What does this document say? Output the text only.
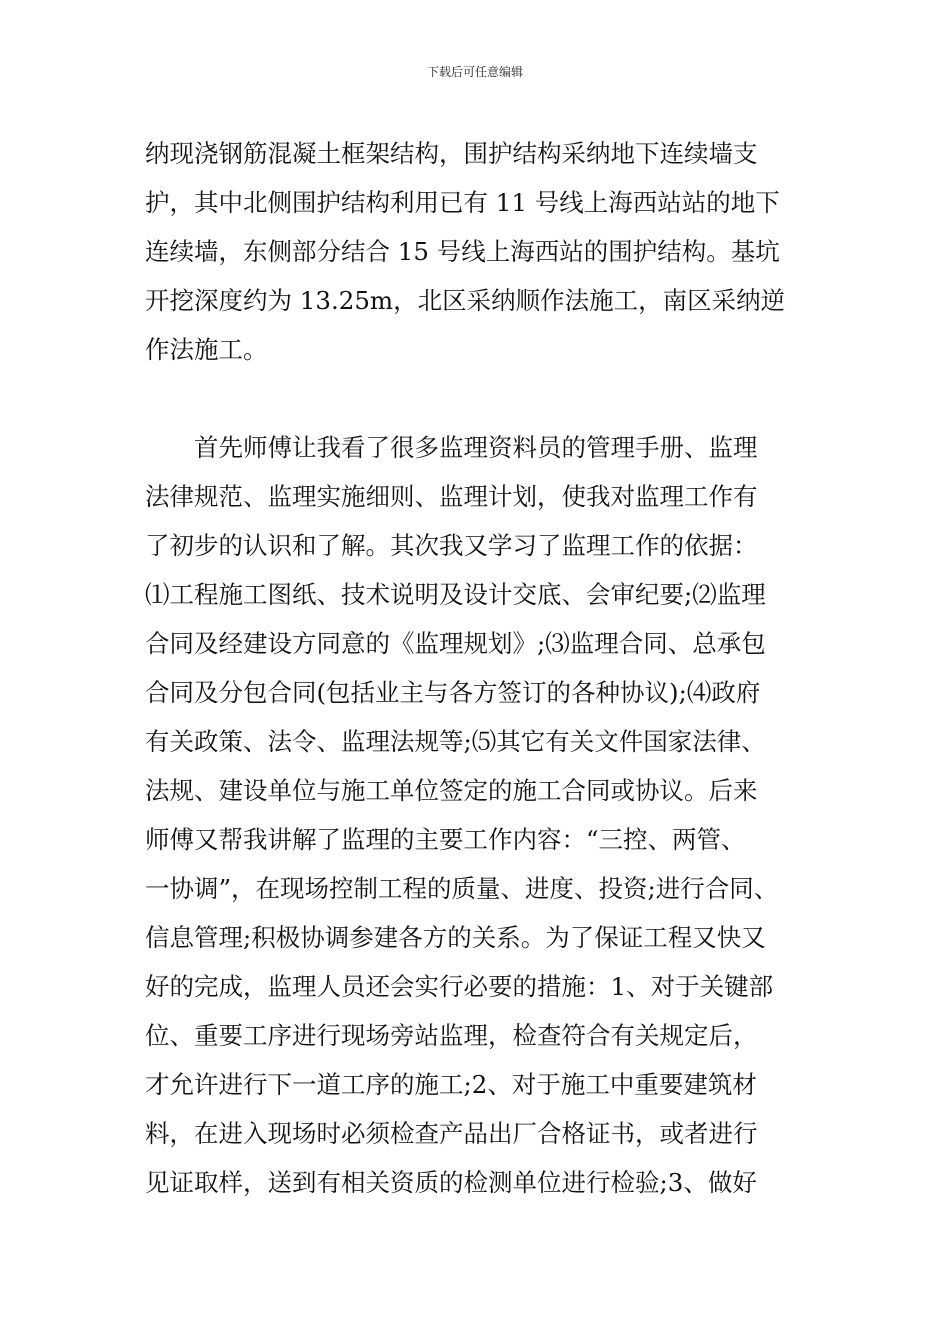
下载后可任意编辑
纳现浇钢筋混凝土框架结构，围护结构采纳地下连续墙支
护，其中北侧围护结构利用已有 11 号线上海西站站的地下
连续墙，东侧部分结合 15 号线上海西站的围护结构。基坑
开挖深度约为 13.25m，北区采纳顺作法施工，南区采纳逆
作法施工。
　　首先师傅让我看了很多监理资料员的管理手册、监理
法律规范、监理实施细则、监理计划，使我对监理工作有
了初步的认识和了解。其次我又学习了监理工作的依据：
⑴工程施工图纸、技术说明及设计交底、会审纪要;⑵监理
合同及经建设方同意的《监理规划》;⑶监理合同、总承包
合同及分包合同(包括业主与各方签订的各种协议);⑷政府
有关政策、法令、监理法规等;⑸其它有关文件国家法律、
法规、建设单位与施工单位签定的施工合同或协议。后来
师傅又帮我讲解了监理的主要工作内容：“三控、两管、
一协调”，在现场控制工程的质量、进度、投资;进行合同、
信息管理;积极协调参建各方的关系。为了保证工程又快又
好的完成，监理人员还会实行必要的措施：1、对于关键部
位、重要工序进行现场旁站监理，检查符合有关规定后，
才允许进行下一道工序的施工;2、对于施工中重要建筑材
料，在进入现场时必须检查产品出厂合格证书，或者进行
见证取样，送到有相关资质的检测单位进行检验;3、做好
